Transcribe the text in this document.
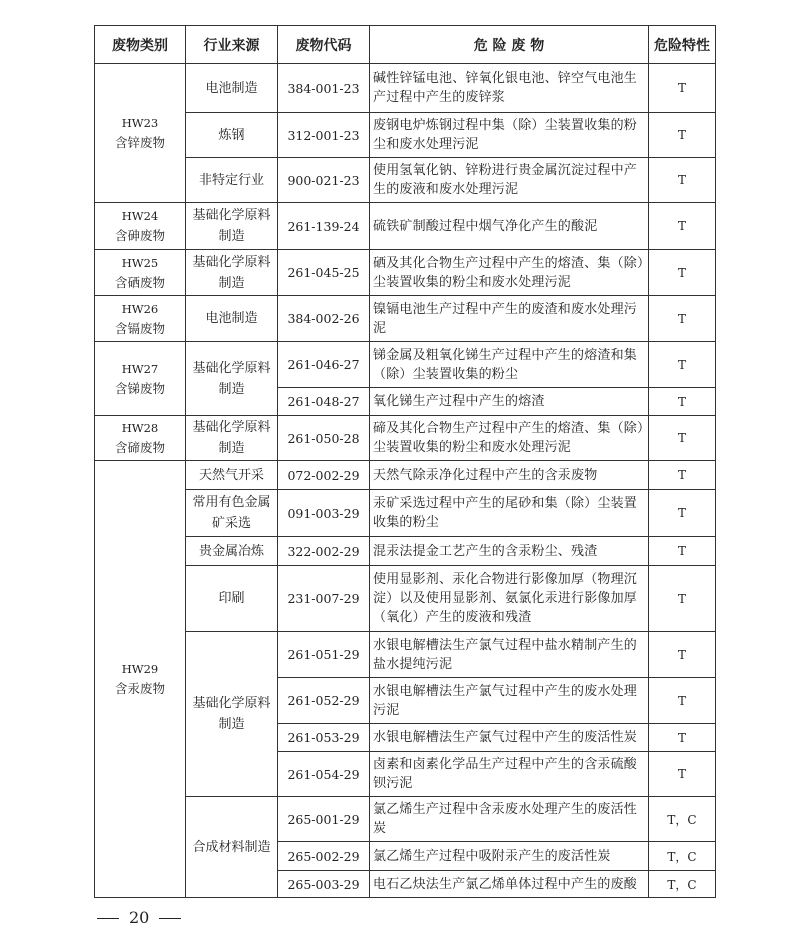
废物类别	行业来源	废物代码	危 险 废 物	危险特性

HW23
含锌废物	电池制造	384-001-23	碱性锌锰电池、锌氧化银电池、锌空气电池生产过程中产生的废锌浆	T
	炼钢	312-001-23	废钢电炉炼钢过程中集（除）尘装置收集的粉尘和废水处理污泥	T
	非特定行业	900-021-23	使用氢氧化钠、锌粉进行贵金属沉淀过程中产生的废液和废水处理污泥	T

HW24
含砷废物	基础化学原料制造	261-139-24	硫铁矿制酸过程中烟气净化产生的酸泥	T

HW25
含硒废物	基础化学原料制造	261-045-25	硒及其化合物生产过程中产生的熔渣、集（除）尘装置收集的粉尘和废水处理污泥	T

HW26
含镉废物	电池制造	384-002-26	镍镉电池生产过程中产生的废渣和废水处理污泥	T

HW27
含锑废物	基础化学原料制造	261-046-27	锑金属及粗氧化锑生产过程中产生的熔渣和集（除）尘装置收集的粉尘	T
		261-048-27	氧化锑生产过程中产生的熔渣	T

HW28
含碲废物	基础化学原料制造	261-050-28	碲及其化合物生产过程中产生的熔渣、集（除）尘装置收集的粉尘和废水处理污泥	T

HW29
含汞废物	天然气开采	072-002-29	天然气除汞净化过程中产生的含汞废物	T
	常用有色金属矿采选	091-003-29	汞矿采选过程中产生的尾砂和集（除）尘装置收集的粉尘	T
	贵金属冶炼	322-002-29	混汞法提金工艺产生的含汞粉尘、残渣	T
	印刷	231-007-29	使用显影剂、汞化合物进行影像加厚（物理沉淀）以及使用显影剂、氨氯化汞进行影像加厚（氧化）产生的废液和残渣	T
	基础化学原料制造	261-051-29	水银电解槽法生产氯气过程中盐水精制产生的盐水提纯污泥	T
		261-052-29	水银电解槽法生产氯气过程中产生的废水处理污泥	T
		261-053-29	水银电解槽法生产氯气过程中产生的废活性炭	T
		261-054-29	卤素和卤素化学品生产过程中产生的含汞硫酸钡污泥	T
	合成材料制造	265-001-29	氯乙烯生产过程中含汞废水处理产生的废活性炭	T，C
		265-002-29	氯乙烯生产过程中吸附汞产生的废活性炭	T，C
		265-003-29	电石乙炔法生产氯乙烯单体过程中产生的废酸	T，C
20
